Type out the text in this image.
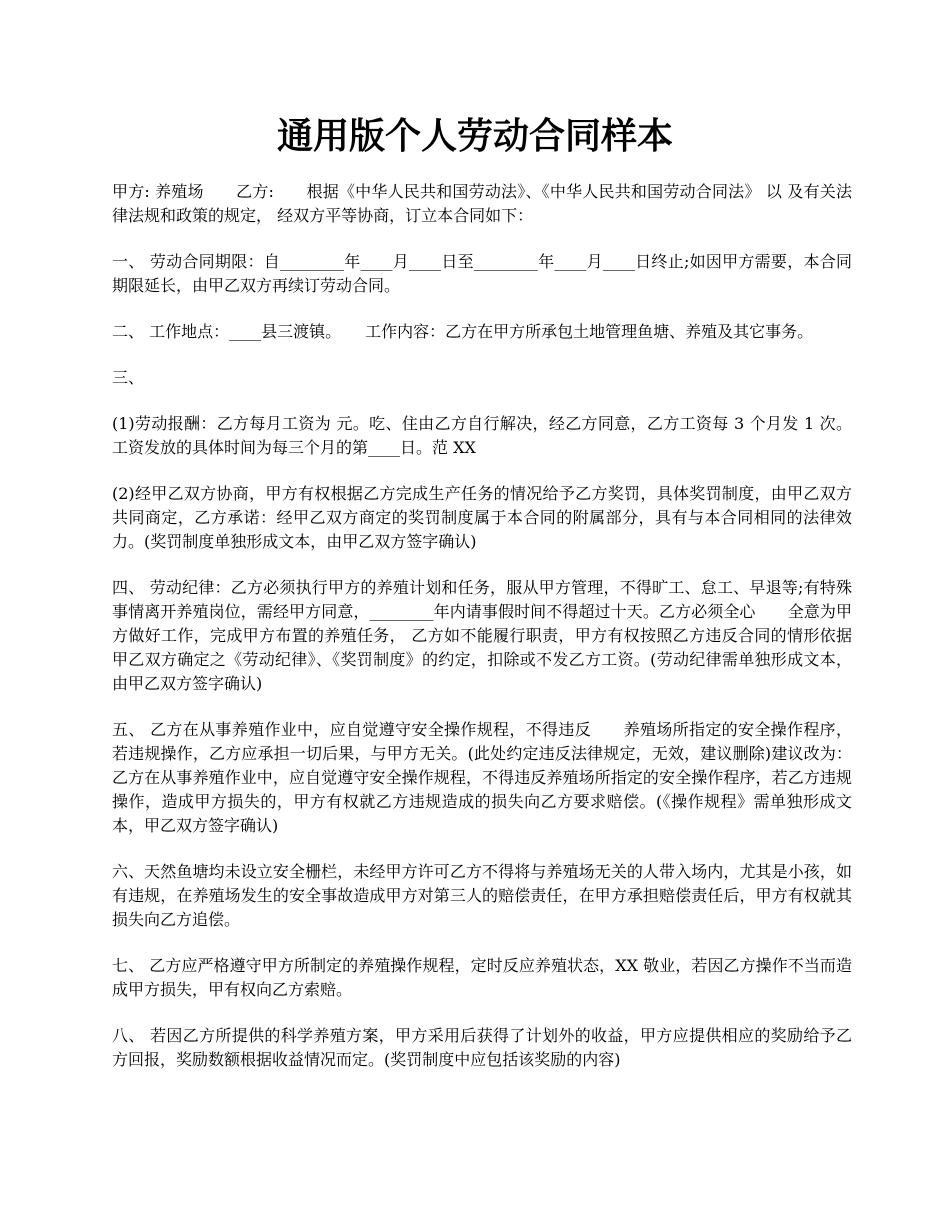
通用版个人劳动合同样本

甲方: 养殖场　　乙方:　　根据《中华人民共和国劳动法》、《中华人民共和国劳动合同法》 以 及有关法律法规和政策的规定， 经双方平等协商，订立本合同如下：

一、 劳动合同期限：自________年____月____日至________年____月____日终止;如因甲方需要，本合同期限延长，由甲乙双方再续订劳动合同。

二、 工作地点：____县三渡镇。　　工作内容：乙方在甲方所承包土地管理鱼塘、养殖及其它事务。

三、

(1)劳动报酬：乙方每月工资为 元。吃、住由乙方自行解决，经乙方同意，乙方工资每 3 个月发 1 次。工资发放的具体时间为每三个月的第____日。范 XX

(2)经甲乙双方协商，甲方有权根据乙方完成生产任务的情况给予乙方奖罚，具体奖罚制度，由甲乙双方共同商定，乙方承诺：经甲乙双方商定的奖罚制度属于本合同的附属部分，具有与本合同相同的法律效力。(奖罚制度单独形成文本，由甲乙双方签字确认)

四、 劳动纪律：乙方必须执行甲方的养殖计划和任务，服从甲方管理，不得旷工、怠工、早退等;有特殊事情离开养殖岗位，需经甲方同意，________年内请事假时间不得超过十天。乙方必须全心　　全意为甲方做好工作，完成甲方布置的养殖任务， 乙方如不能履行职责，甲方有权按照乙方违反合同的情形依据甲乙双方确定之《劳动纪律》、《奖罚制度》的约定，扣除或不发乙方工资。(劳动纪律需单独形成文本，由甲乙双方签字确认)

五、 乙方在从事养殖作业中，应自觉遵守安全操作规程，不得违反　　养殖场所指定的安全操作程序，若违规操作，乙方应承担一切后果，与甲方无关。(此处约定违反法律规定，无效，建议删除)建议改为：乙方在从事养殖作业中，应自觉遵守安全操作规程，不得违反养殖场所指定的安全操作程序，若乙方违规操作，造成甲方损失的，甲方有权就乙方违规造成的损失向乙方要求赔偿。(《操作规程》需单独形成文本，甲乙双方签字确认)

六、天然鱼塘均未设立安全栅栏，未经甲方许可乙方不得将与养殖场无关的人带入场内，尤其是小孩，如有违规，在养殖场发生的安全事故造成甲方对第三人的赔偿责任，在甲方承担赔偿责任后，甲方有权就其损失向乙方追偿。

七、 乙方应严格遵守甲方所制定的养殖操作规程，定时反应养殖状态，XX 敬业，若因乙方操作不当而造成甲方损失，甲有权向乙方索赔。

八、 若因乙方所提供的科学养殖方案，甲方采用后获得了计划外的收益，甲方应提供相应的奖励给予乙方回报，奖励数额根据收益情况而定。(奖罚制度中应包括该奖励的内容)
